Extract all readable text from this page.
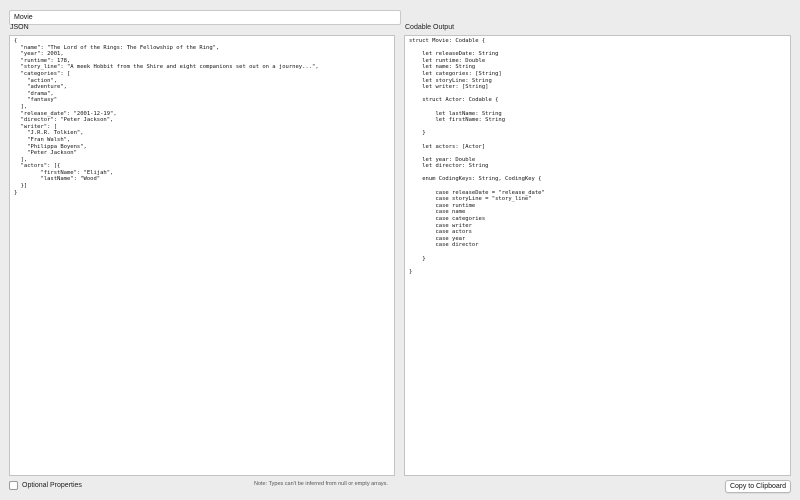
Movie
JSON	Codable Output
{
"name": "The Lord of the Rings: The Fellowship of the Ring",
"year": 2001,
"runtime": 178,
"story_line": "A meek Hobbit from the Shire and eight companions set out on a journey...",
"categories": [
"action",
"adventure",
"drama",
"fantasy"
],
"release_date": "2001-12-19",
"director": "Peter Jackson",
"writer": [
"J.R.R. Tolkien",
"Fran Walsh",
"Philippa Boyens",
"Peter Jackson"
],
"actors": [{
"firstName": "Elijah",
"lastName": "Wood"
}]
}
struct Movie: Codable {

let releaseDate: String
let runtime: Double
let name: String
let categories: [String]
let storyLine: String
let writer: [String]

struct Actor: Codable {

let lastName: String
let firstName: String

}

let actors: [Actor]

let year: Double
let director: String

enum CodingKeys: String, CodingKey {

case releaseDate = "release_date"
case storyLine = "story_line"
case runtime
case name
case categories
case writer
case actors
case year
case director

}

}
Optional Properties	Note: Types can't be inferred from null or empty arrays.	Copy to Clipboard
